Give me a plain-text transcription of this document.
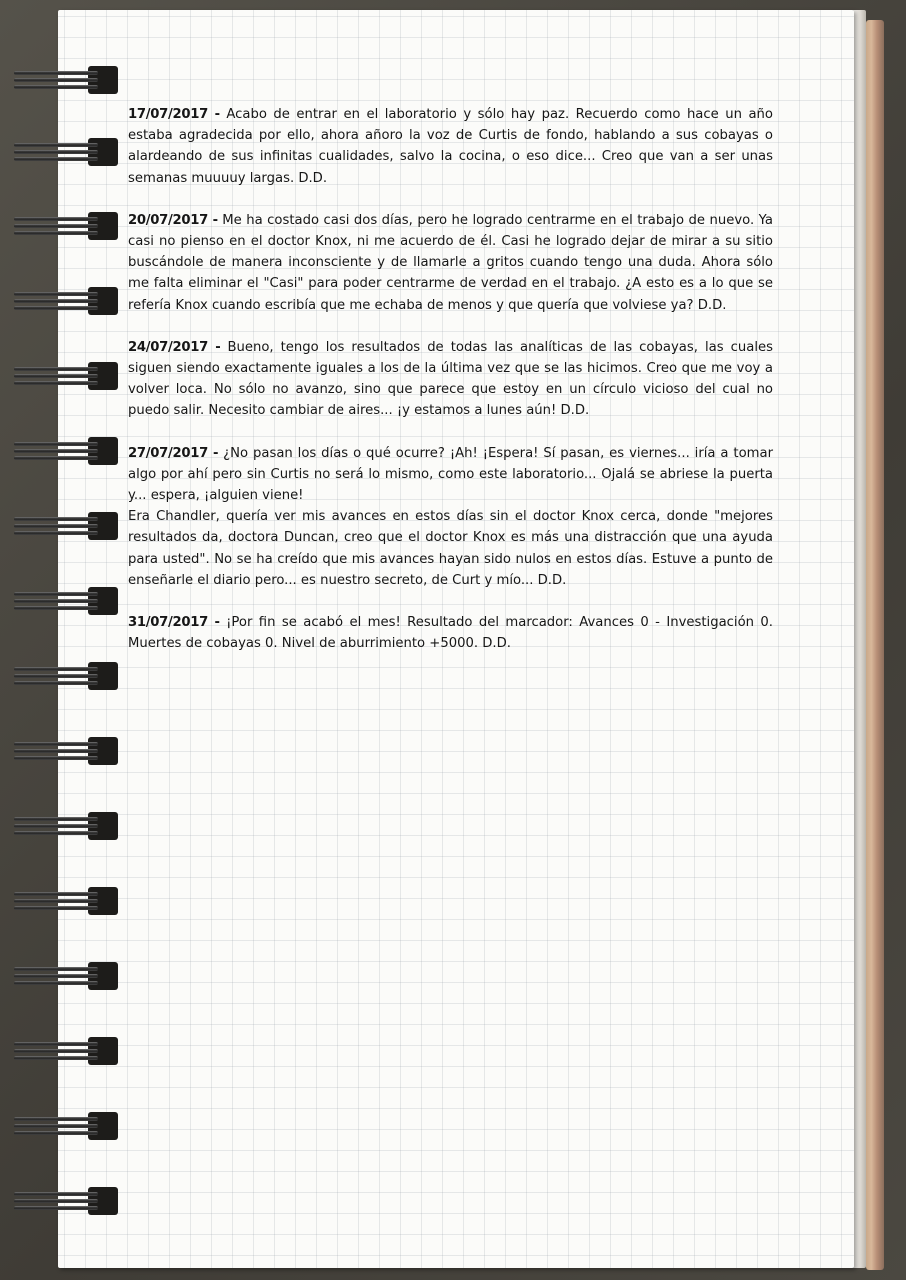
17/07/2017 - Acabo de entrar en el laboratorio y sólo hay paz. Recuerdo como hace un año estaba agradecida por ello, ahora añoro la voz de Curtis de fondo, hablando a sus cobayas o alardeando de sus infinitas cualidades, salvo la cocina, o eso dice... Creo que van a ser unas semanas muuuuy largas. D.D.
20/07/2017 - Me ha costado casi dos días, pero he logrado centrarme en el trabajo de nuevo. Ya casi no pienso en el doctor Knox, ni me acuerdo de él. Casi he logrado dejar de mirar a su sitio buscándole de manera inconsciente y de llamarle a gritos cuando tengo una duda. Ahora sólo me falta eliminar el "Casi" para poder centrarme de verdad en el trabajo. ¿A esto es a lo que se refería Knox cuando escribía que me echaba de menos y que quería que volviese ya? D.D.
24/07/2017 - Bueno, tengo los resultados de todas las analíticas de las cobayas, las cuales siguen siendo exactamente iguales a los de la última vez que se las hicimos. Creo que me voy a volver loca. No sólo no avanzo, sino que parece que estoy en un círculo vicioso del cual no puedo salir. Necesito cambiar de aires... ¡y estamos a lunes aún! D.D.
27/07/2017 - ¿No pasan los días o qué ocurre? ¡Ah! ¡Espera! Sí pasan, es viernes... iría a tomar algo por ahí pero sin Curtis no será lo mismo, como este laboratorio... Ojalá se abriese la puerta y... espera, ¡alguien viene!
Era Chandler, quería ver mis avances en estos días sin el doctor Knox cerca, donde "mejores resultados da, doctora Duncan, creo que el doctor Knox es más una distracción que una ayuda para usted". No se ha creído que mis avances hayan sido nulos en estos días. Estuve a punto de enseñarle el diario pero... es nuestro secreto, de Curt y mío... D.D.
31/07/2017 - ¡Por fin se acabó el mes! Resultado del marcador: Avances 0 - Investigación 0. Muertes de cobayas 0. Nivel de aburrimiento +5000. D.D.
